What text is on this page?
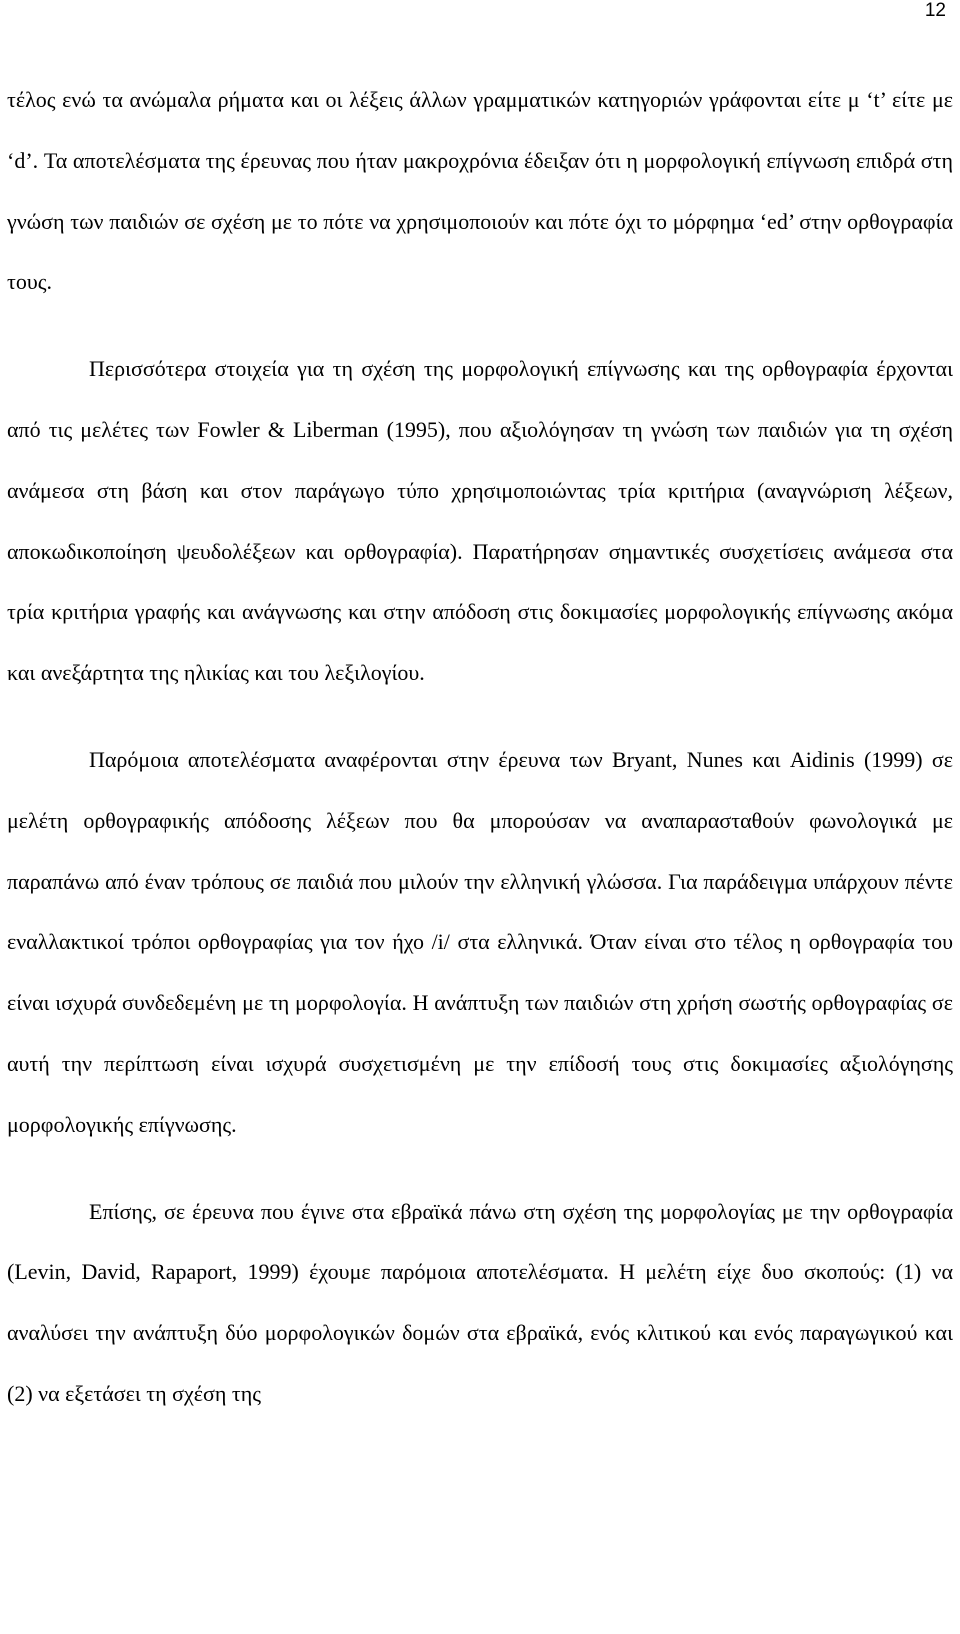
12

τέλος ενώ τα ανώμαλα ρήματα και οι λέξεις άλλων γραμματικών κατηγοριών γράφονται είτε μ ‘t’ είτε με ‘d’. Τα αποτελέσματα της έρευνας που ήταν μακροχρόνια έδειξαν ότι η μορφολογική επίγνωση επιδρά στη γνώση των παιδιών σε σχέση με το πότε να χρησιμοποιούν και πότε όχι το μόρφημα ‘ed’ στην ορθογραφία τους.

Περισσότερα στοιχεία για τη σχέση της μορφολογική επίγνωσης και της ορθογραφία έρχονται από τις μελέτες των Fowler & Liberman (1995), που αξιολόγησαν τη γνώση των παιδιών για τη σχέση ανάμεσα στη βάση και στον παράγωγο τύπο χρησιμοποιώντας τρία κριτήρια (αναγνώριση λέξεων, αποκωδικοποίηση ψευδολέξεων και ορθογραφία). Παρατήρησαν σημαντικές συσχετίσεις ανάμεσα στα τρία κριτήρια γραφής και ανάγνωσης και στην απόδοση στις δοκιμασίες μορφολογικής επίγνωσης ακόμα και ανεξάρτητα της ηλικίας και του λεξιλογίου.

Παρόμοια αποτελέσματα αναφέρονται στην έρευνα των Bryant, Nunes και Aidinis (1999) σε μελέτη ορθογραφικής απόδοσης λέξεων που θα μπορούσαν να αναπαρασταθούν φωνολογικά με παραπάνω από έναν τρόπους σε παιδιά που μιλούν την ελληνική γλώσσα. Για παράδειγμα υπάρχουν πέντε εναλλακτικοί τρόποι ορθογραφίας για τον ήχο /i/ στα ελληνικά. Όταν είναι στο τέλος η ορθογραφία του είναι ισχυρά συνδεδεμένη με τη μορφολογία. Η ανάπτυξη των παιδιών στη χρήση σωστής ορθογραφίας σε αυτή την περίπτωση είναι ισχυρά συσχετισμένη με την επίδοσή τους στις δοκιμασίες αξιολόγησης μορφολογικής επίγνωσης.

Επίσης, σε έρευνα που έγινε στα εβραϊκά πάνω στη σχέση της μορφολογίας με την ορθογραφία (Levin, David, Rapaport, 1999) έχουμε παρόμοια αποτελέσματα. Η μελέτη είχε δυο σκοπούς: (1) να αναλύσει την ανάπτυξη δύο μορφολογικών δομών στα εβραϊκά, ενός κλιτικού και ενός παραγωγικού και (2) να εξετάσει τη σχέση της
